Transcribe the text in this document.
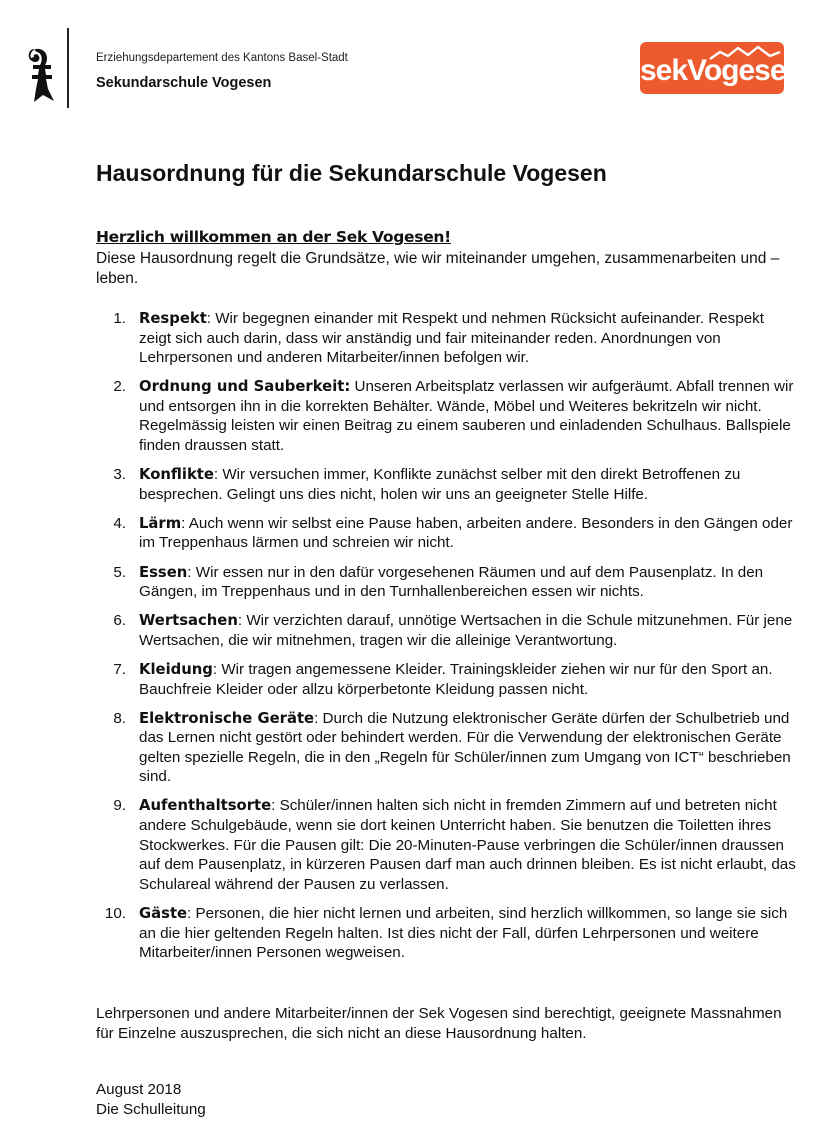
Erziehungsdepartement des Kantons Basel-Stadt
Sekundarschule Vogesen	sekVogesen
Hausordnung für die Sekundarschule Vogesen
Herzlich willkommen an der Sek Vogesen!
Diese Hausordnung regelt die Grundsätze, wie wir miteinander umgehen, zusammenarbeiten und –leben.
1. Respekt: Wir begegnen einander mit Respekt und nehmen Rücksicht aufeinander. Respekt zeigt sich auch darin, dass wir anständig und fair miteinander reden. Anordnungen von Lehrpersonen und anderen Mitarbeiter/innen befolgen wir.
2. Ordnung und Sauberkeit: Unseren Arbeitsplatz verlassen wir aufgeräumt. Abfall trennen wir und entsorgen ihn in die korrekten Behälter. Wände, Möbel und Weiteres bekritzeln wir nicht. Regelmässig leisten wir einen Beitrag zu einem sauberen und einladenden Schulhaus. Ballspiele finden draussen statt.
3. Konflikte: Wir versuchen immer, Konflikte zunächst selber mit den direkt Betroffenen zu besprechen. Gelingt uns dies nicht, holen wir uns an geeigneter Stelle Hilfe.
4. Lärm: Auch wenn wir selbst eine Pause haben, arbeiten andere. Besonders in den Gängen oder im Treppenhaus lärmen und schreien wir nicht.
5. Essen: Wir essen nur in den dafür vorgesehenen Räumen und auf dem Pausenplatz. In den Gängen, im Treppenhaus und in den Turnhallenbereichen essen wir nichts.
6. Wertsachen: Wir verzichten darauf, unnötige Wertsachen in die Schule mitzunehmen. Für jene Wertsachen, die wir mitnehmen, tragen wir die alleinige Verantwortung.
7. Kleidung: Wir tragen angemessene Kleider. Trainingskleider ziehen wir nur für den Sport an. Bauchfreie Kleider oder allzu körperbetonte Kleidung passen nicht.
8. Elektronische Geräte: Durch die Nutzung elektronischer Geräte dürfen der Schulbetrieb und das Lernen nicht gestört oder behindert werden. Für die Verwendung der elektronischen Geräte gelten spezielle Regeln, die in den „Regeln für Schüler/innen zum Umgang von ICT“ beschrieben sind.
9. Aufenthaltsorte: Schüler/innen halten sich nicht in fremden Zimmern auf und betreten nicht andere Schulgebäude, wenn sie dort keinen Unterricht haben. Sie benutzen die Toiletten ihres Stockwerkes. Für die Pausen gilt: Die 20-Minuten-Pause verbringen die Schüler/innen draussen auf dem Pausenplatz, in kürzeren Pausen darf man auch drinnen bleiben. Es ist nicht erlaubt, das Schulareal während der Pausen zu verlassen.
10. Gäste: Personen, die hier nicht lernen und arbeiten, sind herzlich willkommen, so lange sie sich an die hier geltenden Regeln halten. Ist dies nicht der Fall, dürfen Lehrpersonen und weitere Mitarbeiter/innen Personen wegweisen.
Lehrpersonen und andere Mitarbeiter/innen der Sek Vogesen sind berechtigt, geeignete Massnahmen für Einzelne auszusprechen, die sich nicht an diese Hausordnung halten.
August 2018
Die Schulleitung
